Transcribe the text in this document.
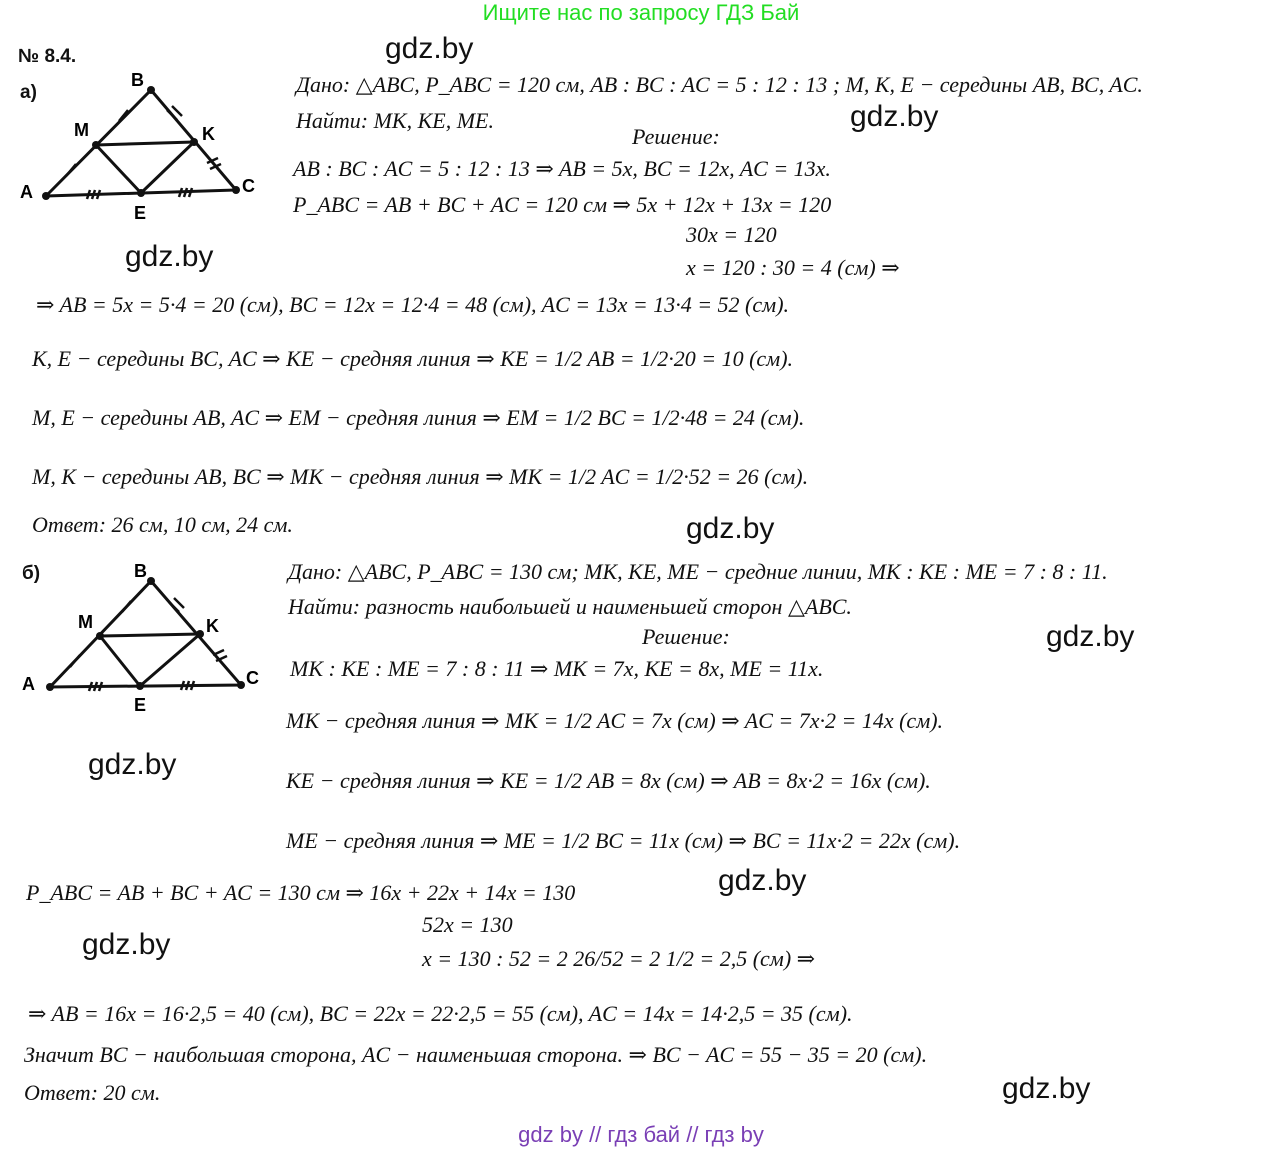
Ищите нас по запросу ГДЗ Бай
№ 8.4.	gdz.by
gdz.by
gdz.by
gdz.by
gdz.by
gdz.by
gdz.by
gdz.by
gdz.by
а)
A
B
C
M	K
E
Дано: △ABC, P_ABC = 120 см, AB : BC : AC = 5 : 12 : 13 ; M, K, E − середины AB, BC, AC.
Найти: MK, KE, ME.
Решение:
AB : BC : AC = 5 : 12 : 13 ⇒ AB = 5x, BC = 12x, AC = 13x.
P_ABC = AB + BC + AC = 120 см ⇒ 5x + 12x + 13x = 120
30x = 120
x = 120 : 30 = 4 (см) ⇒
⇒ AB = 5x = 5·4 = 20 (см), BC = 12x = 12·4 = 48 (см), AC = 13x = 13·4 = 52 (см).
K, E − середины BC, AC ⇒ KE − средняя линия ⇒ KE = 1/2 AB = 1/2·20 = 10 (см).
M, E − середины AB, AC ⇒ EM − средняя линия ⇒ EM = 1/2 BC = 1/2·48 = 24 (см).
M, K − середины AB, BC ⇒ MK − средняя линия ⇒ MK = 1/2 AC = 1/2·52 = 26 (см).
Ответ: 26 см, 10 см, 24 см.
б)
A
B
C
M	K
E
Дано: △ABC, P_ABC = 130 см; MK, KE, ME − средние линии, MK : KE : ME = 7 : 8 : 11.
Найти: разность наибольшей и наименьшей сторон △ABC.
Решение:
MK : KE : ME = 7 : 8 : 11 ⇒ MK = 7x, KE = 8x, ME = 11x.
MK − средняя линия ⇒ MK = 1/2 AC = 7x (см) ⇒ AC = 7x·2 = 14x (см).
KE − средняя линия ⇒ KE = 1/2 AB = 8x (см) ⇒ AB = 8x·2 = 16x (см).
ME − средняя линия ⇒ ME = 1/2 BC = 11x (см) ⇒ BC = 11x·2 = 22x (см).
P_ABC = AB + BC + AC = 130 см ⇒ 16x + 22x + 14x = 130
52x = 130
x = 130 : 52 = 2 26/52 = 2 1/2 = 2,5 (см) ⇒
⇒ AB = 16x = 16·2,5 = 40 (см), BC = 22x = 22·2,5 = 55 (см), AC = 14x = 14·2,5 = 35 (см).
Значит BC − наибольшая сторона, AC − наименьшая сторона. ⇒ BC − AC = 55 − 35 = 20 (см).
Ответ: 20 см.
gdz by // гдз бай // гдз by
